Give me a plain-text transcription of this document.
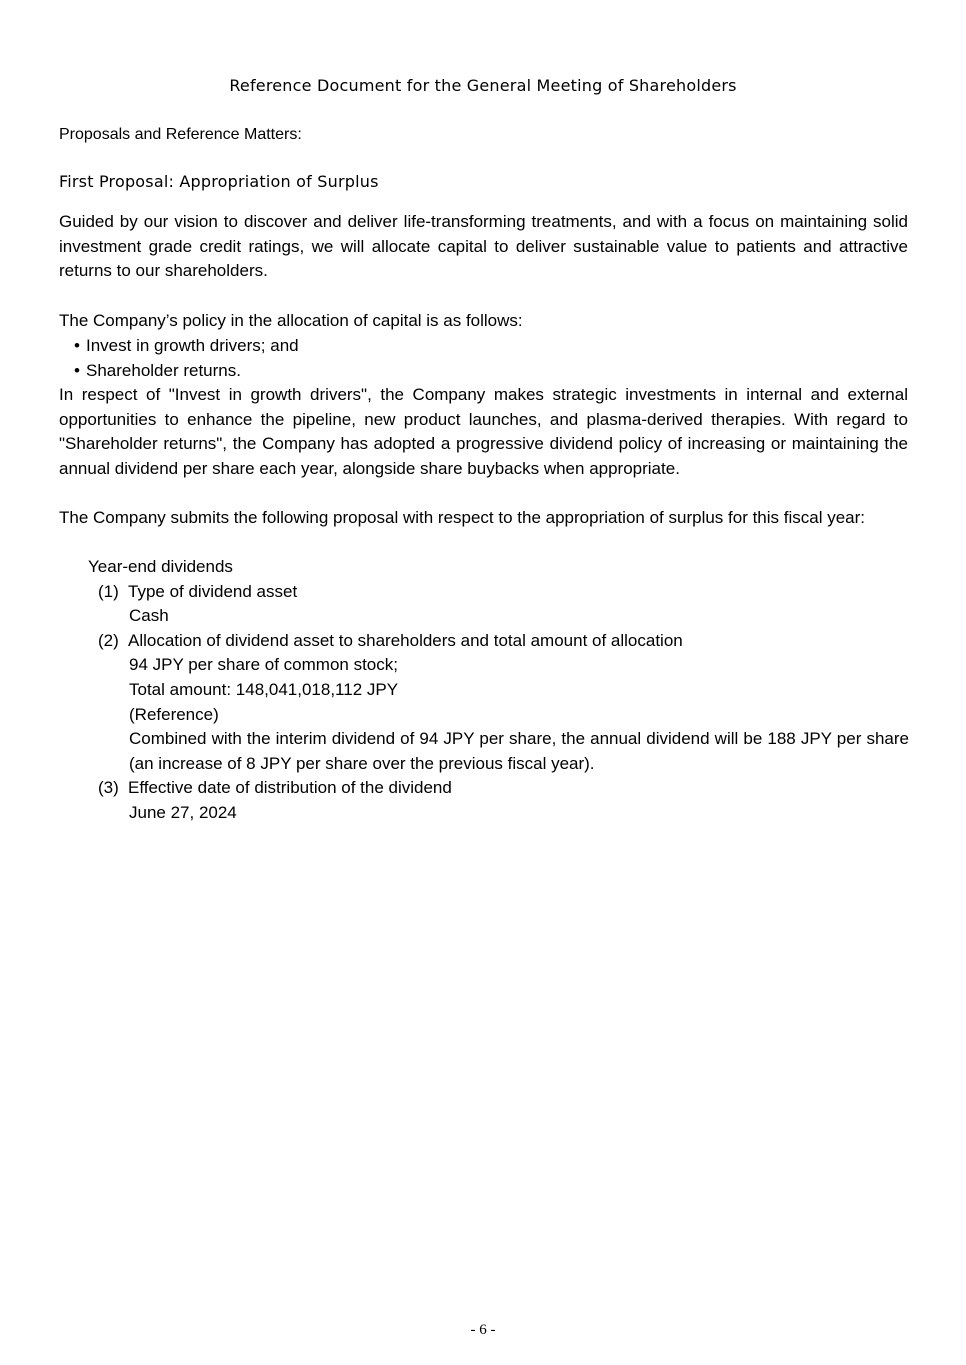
Reference Document for the General Meeting of Shareholders
Proposals and Reference Matters:
First Proposal: Appropriation of Surplus
Guided by our vision to discover and deliver life-transforming treatments, and with a focus on maintaining solid investment grade credit ratings, we will allocate capital to deliver sustainable value to patients and attractive returns to our shareholders.
The Company’s policy in the allocation of capital is as follows:
• Invest in growth drivers; and
• Shareholder returns.
In respect of "Invest in growth drivers", the Company makes strategic investments in internal and external opportunities to enhance the pipeline, new product launches, and plasma-derived therapies. With regard to "Shareholder returns", the Company has adopted a progressive dividend policy of increasing or maintaining the annual dividend per share each year, alongside share buybacks when appropriate.
The Company submits the following proposal with respect to the appropriation of surplus for this fiscal year:
Year-end dividends
(1) Type of dividend asset
Cash
(2) Allocation of dividend asset to shareholders and total amount of allocation
94 JPY per share of common stock;
Total amount: 148,041,018,112 JPY
(Reference)
Combined with the interim dividend of 94 JPY per share, the annual dividend will be 188 JPY per share (an increase of 8 JPY per share over the previous fiscal year).
(3) Effective date of distribution of the dividend
June 27, 2024
- 6 -
